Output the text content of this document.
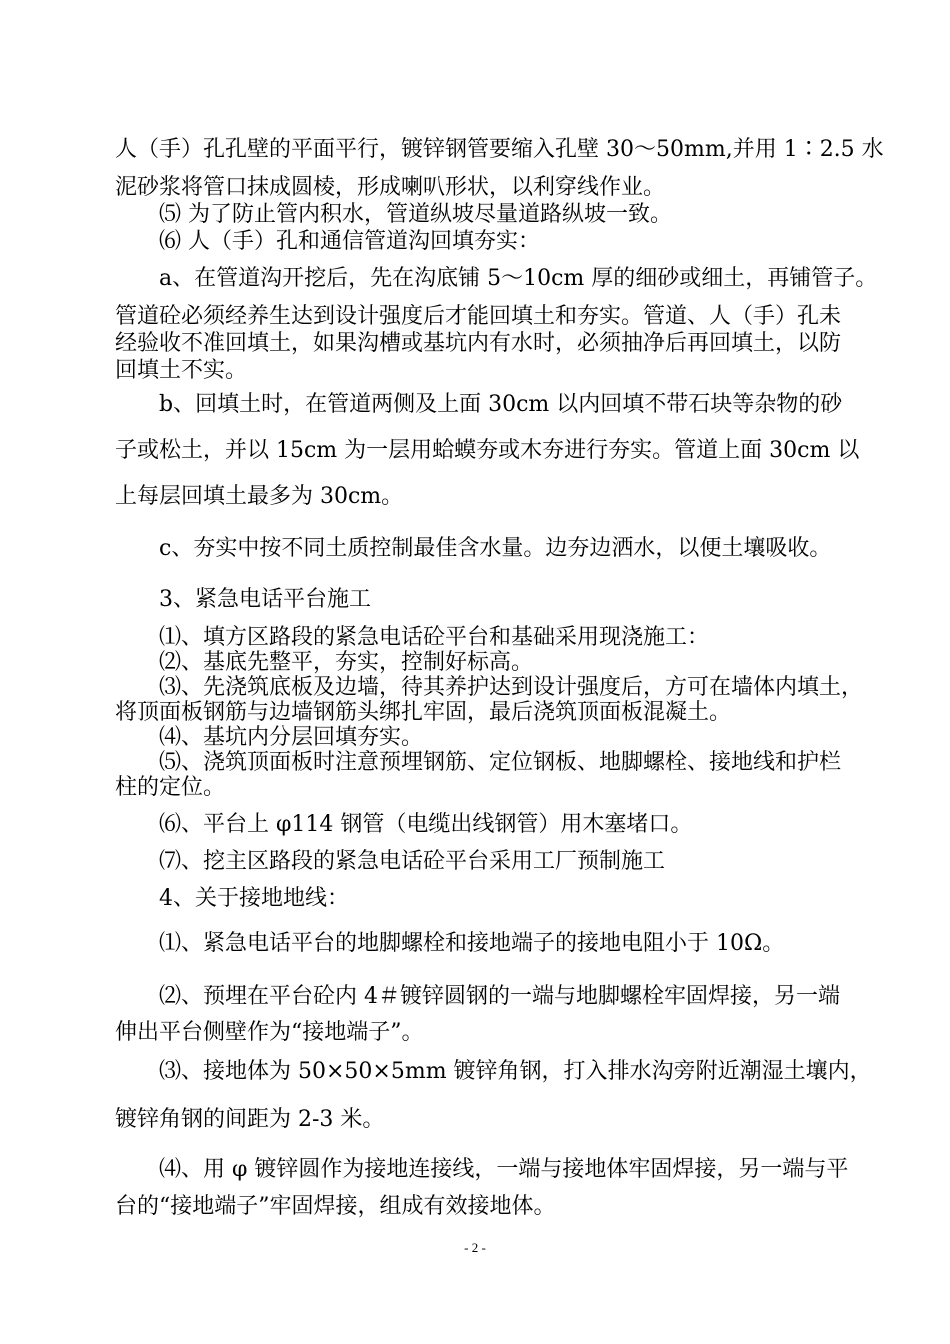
人（手）孔孔壁的平面平行，镀锌钢管要缩入孔壁 30～50mm,并用 1∶2.5 水
泥砂浆将管口抹成圆棱，形成喇叭形状，以利穿线作业。
⑸ 为了防止管内积水，管道纵坡尽量道路纵坡一致。
⑹ 人（手）孔和通信管道沟回填夯实：
a、在管道沟开挖后，先在沟底铺 5～10cm 厚的细砂或细土，再铺管子。
管道砼必须经养生达到设计强度后才能回填土和夯实。管道、人（手）孔未
经验收不准回填土，如果沟槽或基坑内有水时，必须抽净后再回填土，以防
回填土不实。
b、回填土时，在管道两侧及上面 30cm 以内回填不带石块等杂物的砂
子或松土，并以 15cm 为一层用蛤蟆夯或木夯进行夯实。管道上面 30cm 以
上每层回填土最多为 30cm。
c、夯实中按不同土质控制最佳含水量。边夯边洒水，以便土壤吸收。
3、紧急电话平台施工
⑴、填方区路段的紧急电话砼平台和基础采用现浇施工：
⑵、基底先整平，夯实，控制好标高。
⑶、先浇筑底板及边墙，待其养护达到设计强度后，方可在墙体内填土，
将顶面板钢筋与边墙钢筋头绑扎牢固，最后浇筑顶面板混凝土。
⑷、基坑内分层回填夯实。
⑸、浇筑顶面板时注意预埋钢筋、定位钢板、地脚螺栓、接地线和护栏
柱的定位。
⑹、平台上 φ114 钢管（电缆出线钢管）用木塞堵口。
⑺、挖主区路段的紧急电话砼平台采用工厂预制施工
4、关于接地地线：
⑴、紧急电话平台的地脚螺栓和接地端子的接地电阻小于 10Ω。
⑵、预埋在平台砼内 4＃镀锌圆钢的一端与地脚螺栓牢固焊接，另一端
伸出平台侧壁作为“接地端子”。
⑶、接地体为 50×50×5mm 镀锌角钢，打入排水沟旁附近潮湿土壤内，
镀锌角钢的间距为 2-3 米。
⑷、用 φ 镀锌圆作为接地连接线，一端与接地体牢固焊接，另一端与平
台的“接地端子”牢固焊接，组成有效接地体。
- 2 -
